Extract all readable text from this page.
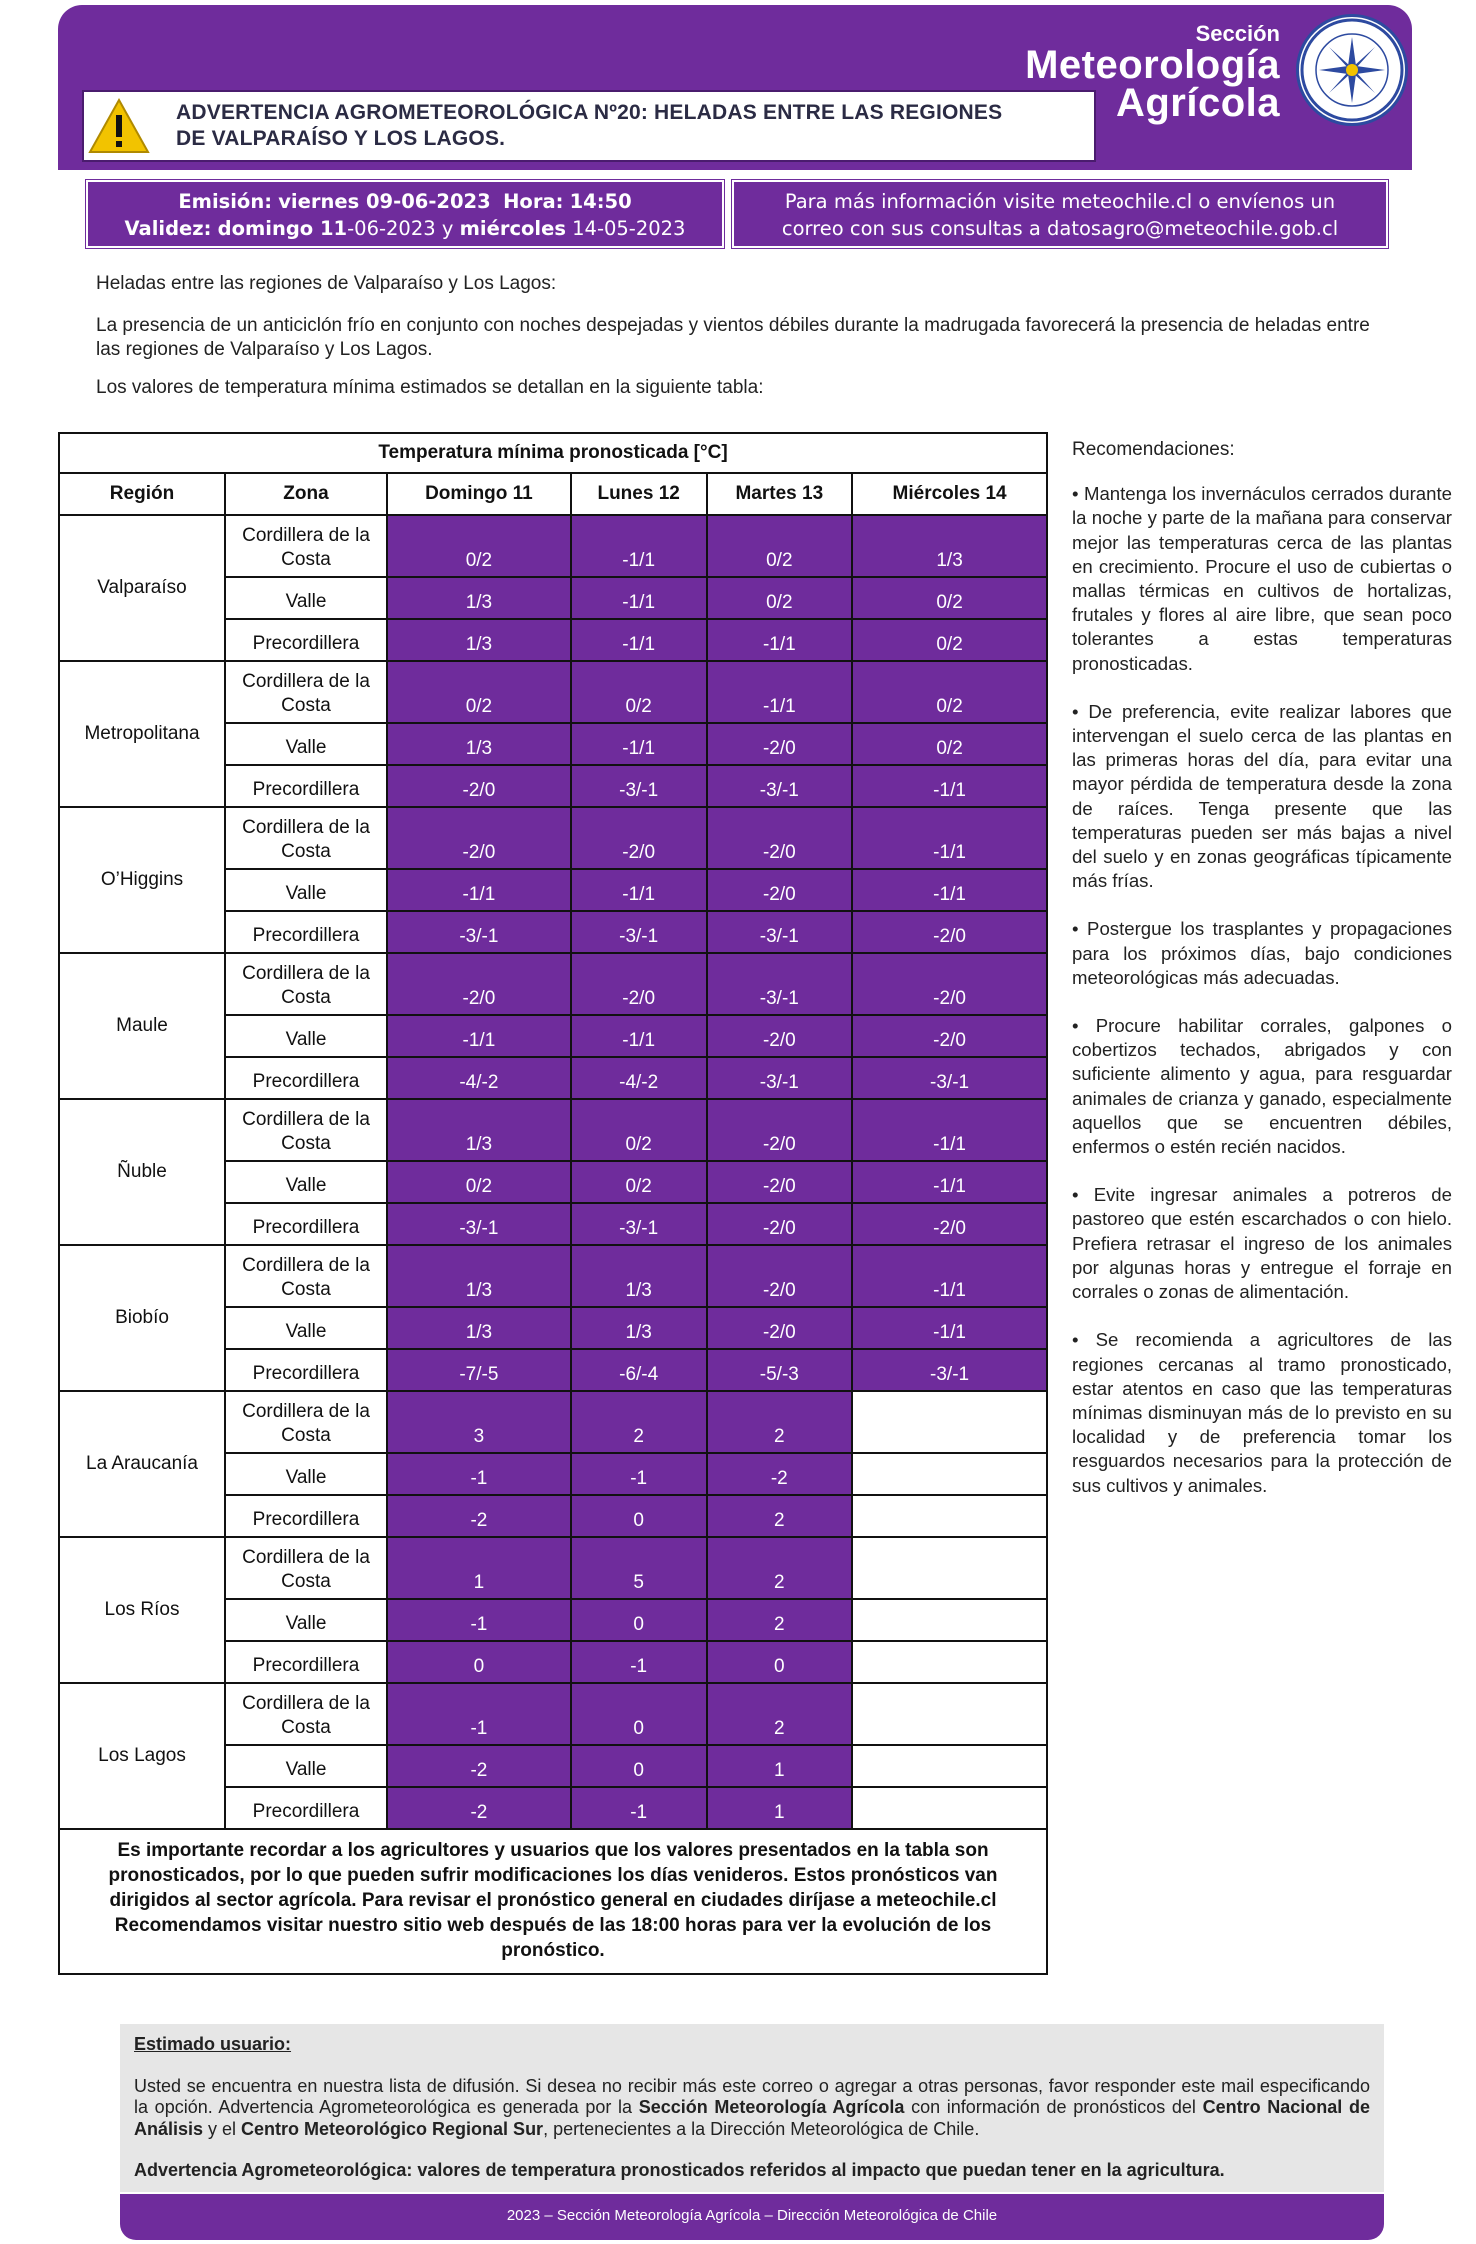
ADVERTENCIA AGROMETEOROLÓGICA Nº20: HELADAS ENTRE LAS REGIONES
DE VALPARAÍSO Y LOS LAGOS.
Sección
Meteorología
Agrícola
Emisión: viernes 09-06-2023 Hora: 14:50
Validez: domingo 11-06-2023 y miércoles 14-05-2023
Para más información visite meteochile.cl o envíenos un
correo con sus consultas a datosagro@meteochile.gob.cl

Heladas entre las regiones de Valparaíso y Los Lagos:

La presencia de un anticiclón frío en conjunto con noches despejadas y vientos débiles durante la madrugada favorecerá la presencia de heladas entre las regiones de Valparaíso y Los Lagos.

Los valores de temperatura mínima estimados se detallan en la siguiente tabla:

Temperatura mínima pronosticada [°C]					
Región	Zona	Domingo 11	Lunes 12	Martes 13	Miércoles 14
Valparaíso	Cordillera de la Costa	0/2	-1/1	0/2	1/3
	Valle	1/3	-1/1	0/2	0/2
	Precordillera	1/3	-1/1	-1/1	0/2
Metropolitana	Cordillera de la Costa	0/2	0/2	-1/1	0/2
	Valle	1/3	-1/1	-2/0	0/2
	Precordillera	-2/0	-3/-1	-3/-1	-1/1
O’Higgins	Cordillera de la Costa	-2/0	-2/0	-2/0	-1/1
	Valle	-1/1	-1/1	-2/0	-1/1
	Precordillera	-3/-1	-3/-1	-3/-1	-2/0
Maule	Cordillera de la Costa	-2/0	-2/0	-3/-1	-2/0
	Valle	-1/1	-1/1	-2/0	-2/0
	Precordillera	-4/-2	-4/-2	-3/-1	-3/-1
Ñuble	Cordillera de la Costa	1/3	0/2	-2/0	-1/1
	Valle	0/2	0/2	-2/0	-1/1
	Precordillera	-3/-1	-3/-1	-2/0	-2/0
Biobío	Cordillera de la Costa	1/3	1/3	-2/0	-1/1
	Valle	1/3	1/3	-2/0	-1/1
	Precordillera	-7/-5	-6/-4	-5/-3	-3/-1
La Araucanía	Cordillera de la Costa	3	2	2	
	Valle	-1	-1	-2	
	Precordillera	-2	0	2	
Los Ríos	Cordillera de la Costa	1	5	2	
	Valle	-1	0	2	
	Precordillera	0	-1	0	
Los Lagos	Cordillera de la Costa	-1	0	2	
	Valle	-2	0	1	
	Precordillera	-2	-1	1	

Es importante recordar a los agricultores y usuarios que los valores presentados en la tabla son pronosticados, por lo que pueden sufrir modificaciones los días venideros. Estos pronósticos van dirigidos al sector agrícola. Para revisar el pronóstico general en ciudades diríjase a meteochile.cl
Recomendamos visitar nuestro sitio web después de las 18:00 horas para ver la evolución de los pronóstico.					
Recomendaciones:

• Mantenga los invernáculos cerrados durante la noche y parte de la mañana para conservar mejor las temperaturas cerca de las plantas en crecimiento. Procure el uso de cubiertas o mallas térmicas en cultivos de hortalizas, frutales y flores al aire libre, que sean poco tolerantes a estas temperaturas pronosticadas.

• De preferencia, evite realizar labores que intervengan el suelo cerca de las plantas en las primeras horas del día, para evitar una mayor pérdida de temperatura desde la zona de raíces. Tenga presente que las temperaturas pueden ser más bajas a nivel del suelo y en zonas geográficas típicamente más frías.

• Postergue los trasplantes y propagaciones para los próximos días, bajo condiciones meteorológicas más adecuadas.

• Procure habilitar corrales, galpones o cobertizos techados, abrigados y con suficiente alimento y agua, para resguardar animales de crianza y ganado, especialmente aquellos que se encuentren débiles, enfermos o estén recién nacidos.

• Evite ingresar animales a potreros de pastoreo que estén escarchados o con hielo. Prefiera retrasar el ingreso de los animales por algunas horas y entregue el forraje en corrales o zonas de alimentación.

• Se recomienda a agricultores de las regiones cercanas al tramo pronosticado, estar atentos en caso que las temperaturas mínimas disminuyan más de lo previsto en su localidad y de preferencia tomar los resguardos necesarios para la protección de sus cultivos y animales.

Estimado usuario:

Usted se encuentra en nuestra lista de difusión. Si desea no recibir más este correo o agregar a otras personas, favor responder este mail especificando la opción. Advertencia Agrometeorológica es generada por la Sección Meteorología Agrícola con información de pronósticos del Centro Nacional de Análisis y el Centro Meteorológico Regional Sur, pertenecientes a la Dirección Meteorológica de Chile.

Advertencia Agrometeorológica: valores de temperatura pronosticados referidos al impacto que puedan tener en la agricultura.

2023 – Sección Meteorología Agrícola – Dirección Meteorológica de Chile
